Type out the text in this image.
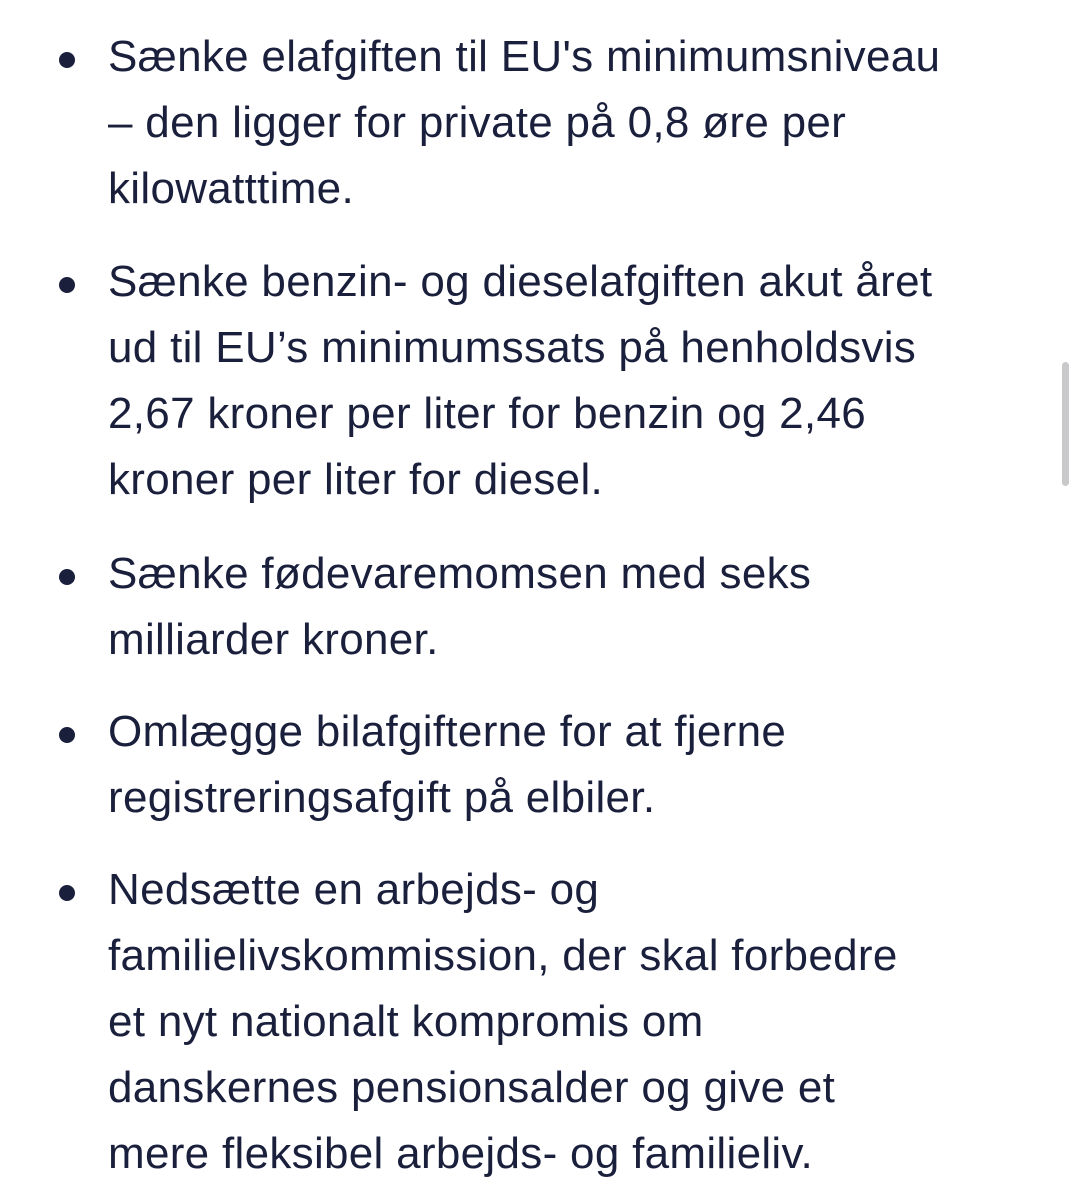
Sænke elafgiften til EU's minimumsniveau
– den ligger for private på 0,8 øre per
kilowatttime.
Sænke benzin- og dieselafgiften akut året
ud til EU’s minimumssats på henholdsvis
2,67 kroner per liter for benzin og 2,46
kroner per liter for diesel.
Sænke fødevaremomsen med seks
milliarder kroner.
Omlægge bilafgifterne for at fjerne
registreringsafgift på elbiler.
Nedsætte en arbejds- og
familielivskommission, der skal forbedre
et nyt nationalt kompromis om
danskernes pensionsalder og give et
mere fleksibel arbejds- og familieliv.
